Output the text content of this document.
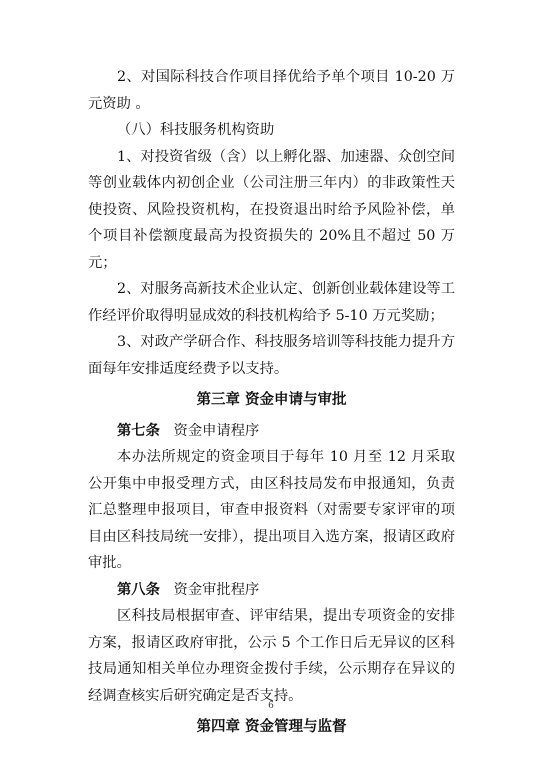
2、对国际科技合作项目择优给予单个项目 10-20 万元资助 。

（八）科技服务机构资助

1、对投资省级（含）以上孵化器、加速器、众创空间等创业载体内初创企业（公司注册三年内）的非政策性天使投资、风险投资机构，在投资退出时给予风险补偿，单个项目补偿额度最高为投资损失的 20%且不超过 50 万元；

2、对服务高新技术企业认定、创新创业载体建设等工作经评价取得明显成效的科技机构给予 5-10 万元奖励；

3、对政产学研合作、科技服务培训等科技能力提升方面每年安排适度经费予以支持。

第三章 资金申请与审批

第七条 资金申请程序

本办法所规定的资金项目于每年 10 月至 12 月采取公开集中申报受理方式，由区科技局发布申报通知，负责汇总整理申报项目，审查申报资料（对需要专家评审的项目由区科技局统一安排），提出项目入选方案，报请区政府审批。

第八条 资金审批程序

区科技局根据审查、评审结果，提出专项资金的安排方案，报请区政府审批，公示 5 个工作日后无异议的区科技局通知相关单位办理资金拨付手续，公示期存在异议的经调查核实后研究确定是否支持。

第四章 资金管理与监督

6
